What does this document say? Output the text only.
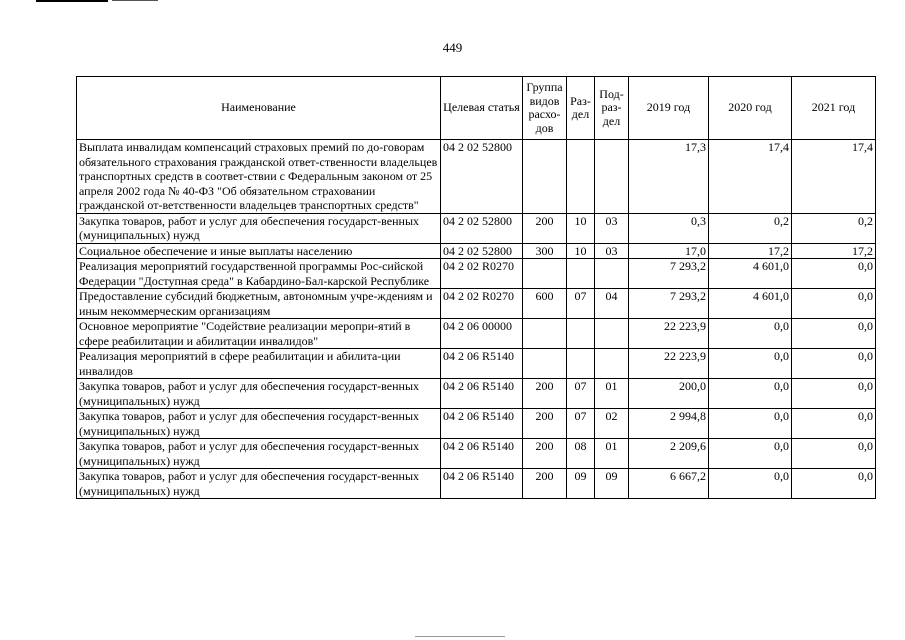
449
Наименование	Целевая статья	Группа видов расхо-дов	Раз-дел	Под-раз-дел	2019 год	2020 год	2021 год
Выплата инвалидам компенсаций страховых премий по до-говорам обязательного страхования гражданской ответ-ственности владельцев транспортных средств в соответ-ствии с Федеральным законом от 25 апреля 2002 года № 40-ФЗ "Об обязательном страховании гражданской от-ветственности владельцев транспортных средств"	04 2 02 52800				17,3	17,4	17,4
Закупка товаров, работ и услуг для обеспечения государст-венных (муниципальных) нужд	04 2 02 52800	200	10	03	0,3	0,2	0,2
Социальное обеспечение и иные выплаты населению	04 2 02 52800	300	10	03	17,0	17,2	17,2
Реализация мероприятий государственной программы Рос-сийской Федерации "Доступная среда" в Кабардино-Бал-карской Республике	04 2 02 R0270				7 293,2	4 601,0	0,0
Предоставление субсидий бюджетным, автономным учре-ждениям и иным некоммерческим организациям	04 2 02 R0270	600	07	04	7 293,2	4 601,0	0,0
Основное мероприятие "Содействие реализации меропри-ятий в сфере реабилитации и абилитации инвалидов"	04 2 06 00000				22 223,9	0,0	0,0
Реализация мероприятий в сфере реабилитации и абилита-ции инвалидов	04 2 06 R5140				22 223,9	0,0	0,0
Закупка товаров, работ и услуг для обеспечения государст-венных (муниципальных) нужд	04 2 06 R5140	200	07	01	200,0	0,0	0,0
Закупка товаров, работ и услуг для обеспечения государст-венных (муниципальных) нужд	04 2 06 R5140	200	07	02	2 994,8	0,0	0,0
Закупка товаров, работ и услуг для обеспечения государст-венных (муниципальных) нужд	04 2 06 R5140	200	08	01	2 209,6	0,0	0,0
Закупка товаров, работ и услуг для обеспечения государст-венных (муниципальных) нужд	04 2 06 R5140	200	09	09	6 667,2	0,0	0,0
